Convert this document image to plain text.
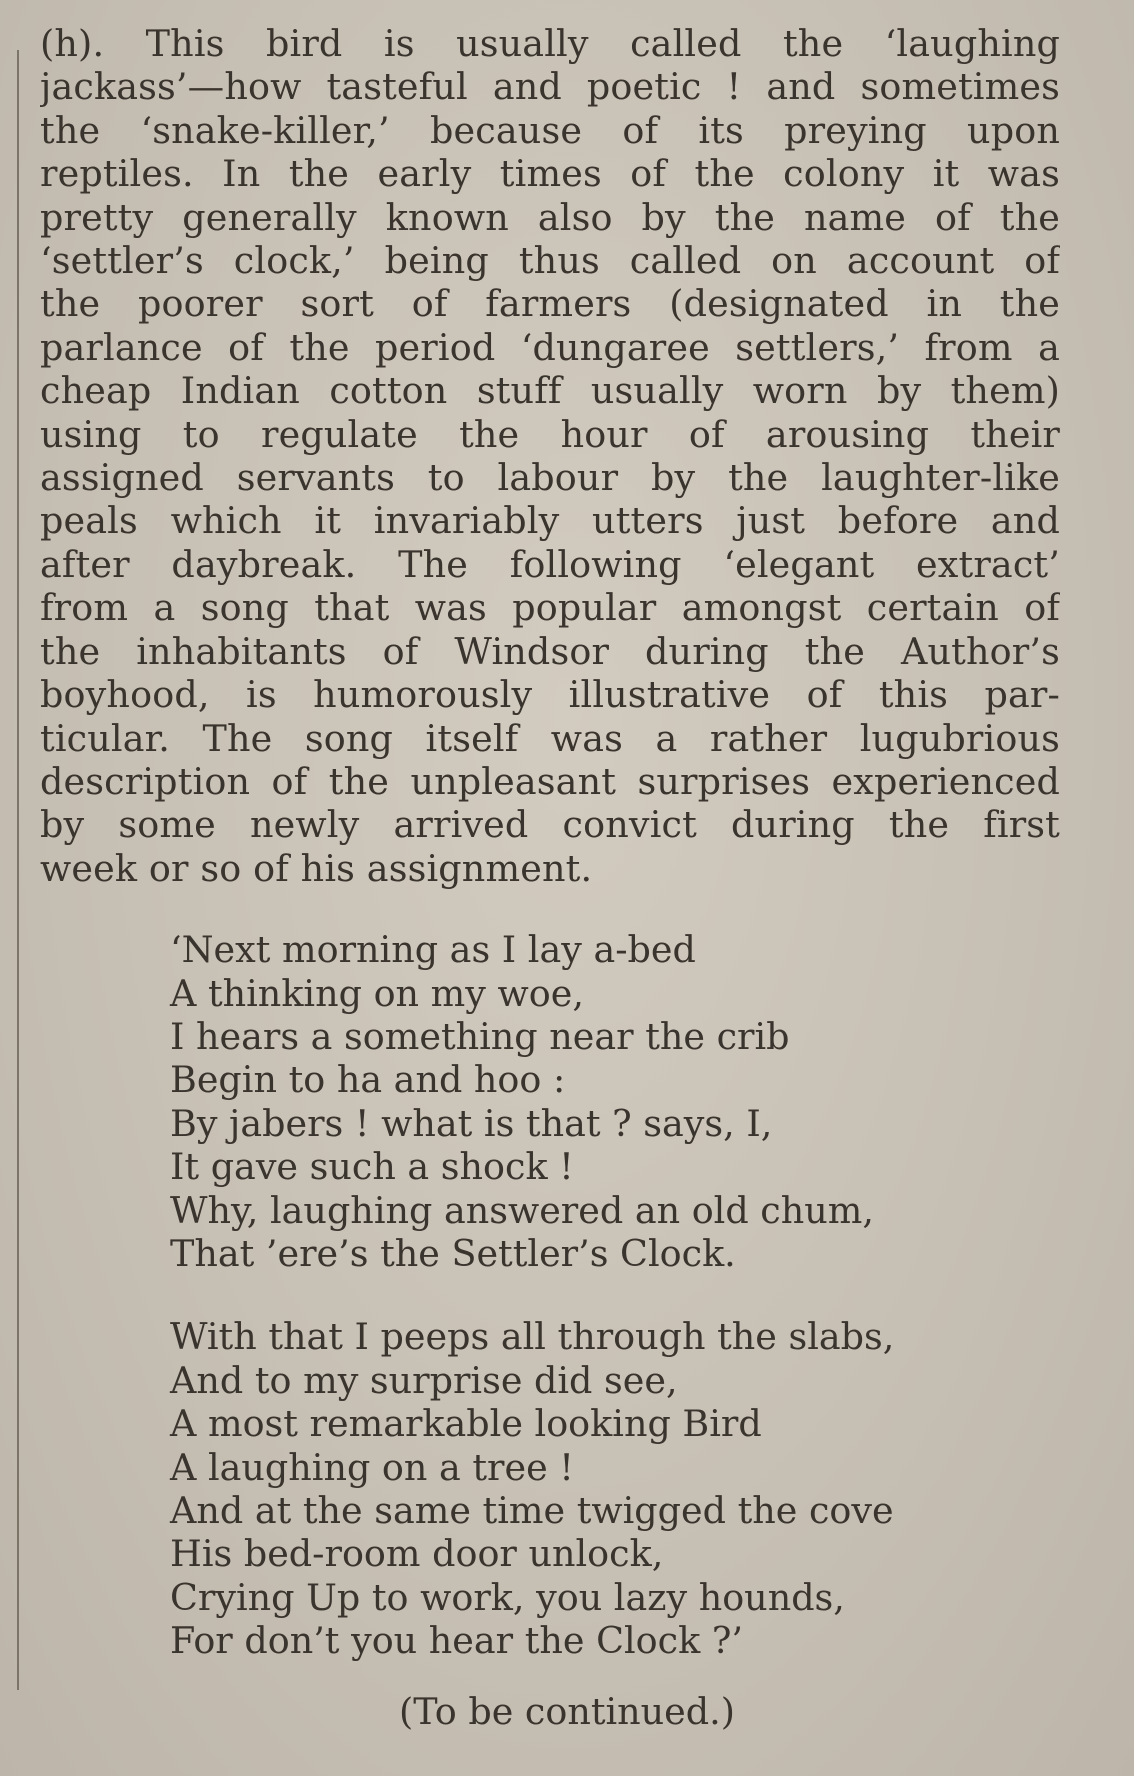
(h). This bird is usually called the ‘laughing
jackass’—how tasteful and poetic ! and sometimes
the ‘snake-killer,’ because of its preying upon
reptiles. In the early times of the colony it was
pretty generally known also by the name of the
‘settler’s clock,’ being thus called on account of
the poorer sort of farmers (designated in the
parlance of the period ‘dungaree settlers,’ from a
cheap Indian cotton stuff usually worn by them)
using to regulate the hour of arousing their
assigned servants to labour by the laughter-like
peals which it invariably utters just before and
after daybreak. The following ‘elegant extract’
from a song that was popular amongst certain of
the inhabitants of Windsor during the Author’s
boyhood, is humorously illustrative of this par-
ticular. The song itself was a rather lugubrious
description of the unpleasant surprises experienced
by some newly arrived convict during the first
week or so of his assignment.

‘Next morning as I lay a-bed
A thinking on my woe,
I hears a something near the crib
Begin to ha and hoo :
By jabers ! what is that ? says, I,
It gave such a shock !
Why, laughing answered an old chum,
That ’ere’s the Settler’s Clock.
With that I peeps all through the slabs,
And to my surprise did see,
A most remarkable looking Bird
A laughing on a tree !
And at the same time twigged the cove
His bed-room door unlock,
Crying Up to work, you lazy hounds,
For don’t you hear the Clock ?’
(To be continued.)
